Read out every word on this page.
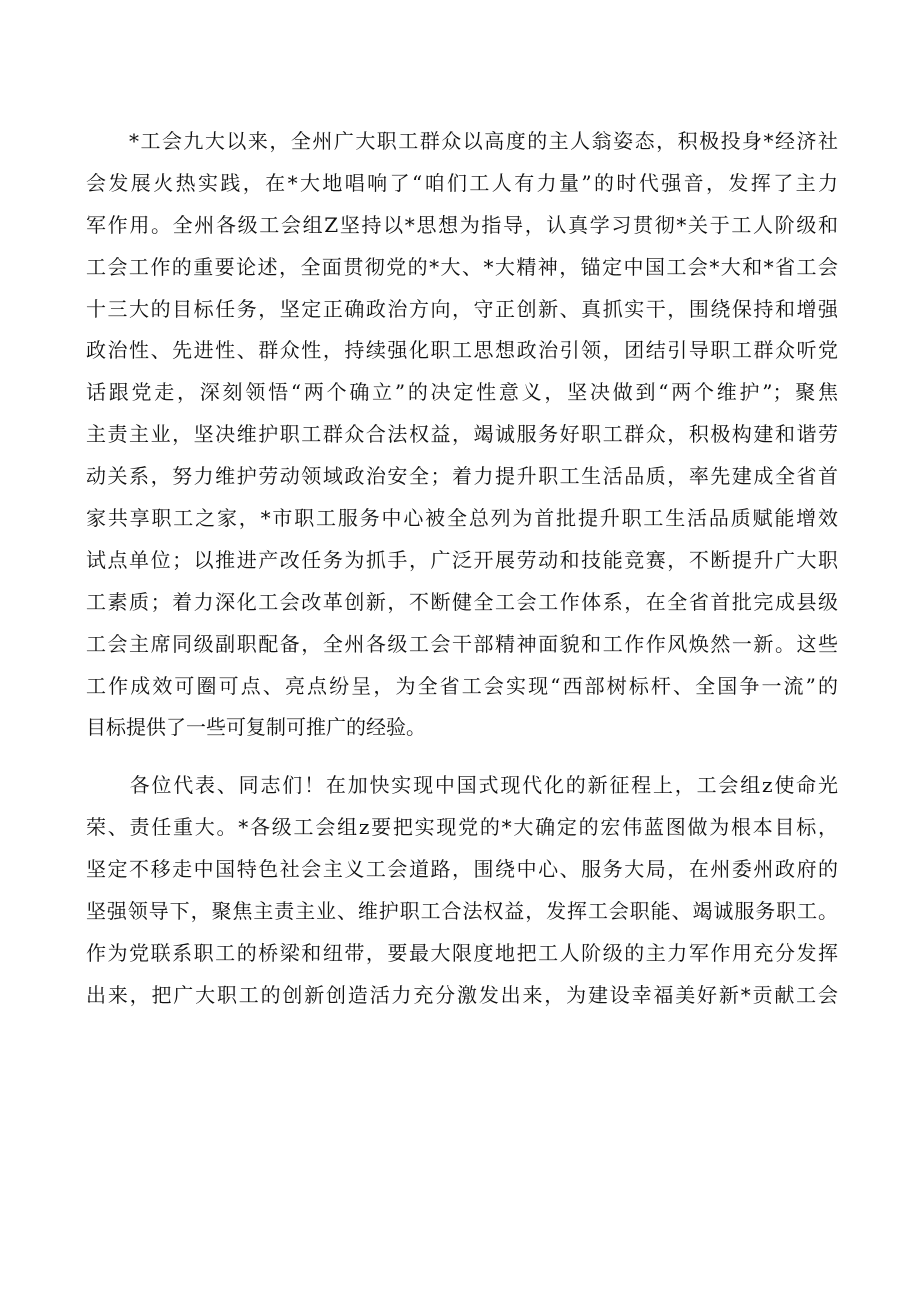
　　*工会九大以来，全州广大职工群众以高度的主人翁姿态，积极投身*经济社
会发展火热实践，在*大地唱响了“咱们工人有力量”的时代强音，发挥了主力
军作用。全州各级工会组Z坚持以*思想为指导，认真学习贯彻*关于工人阶级和
工会工作的重要论述，全面贯彻党的*大、*大精神，锚定中国工会*大和*省工会
十三大的目标任务，坚定正确政治方向，守正创新、真抓实干，围绕保持和增强
政治性、先进性、群众性，持续强化职工思想政治引领，团结引导职工群众听党
话跟党走，深刻领悟“两个确立”的决定性意义，坚决做到“两个维护”；聚焦
主责主业，坚决维护职工群众合法权益，竭诚服务好职工群众，积极构建和谐劳
动关系，努力维护劳动领域政治安全；着力提升职工生活品质，率先建成全省首
家共享职工之家，*市职工服务中心被全总列为首批提升职工生活品质赋能增效
试点单位；以推进产改任务为抓手，广泛开展劳动和技能竞赛，不断提升广大职
工素质；着力深化工会改革创新，不断健全工会工作体系，在全省首批完成县级
工会主席同级副职配备，全州各级工会干部精神面貌和工作作风焕然一新。这些
工作成效可圈可点、亮点纷呈，为全省工会实现“西部树标杆、全国争一流”的
目标提供了一些可复制可推广的经验。
　　各位代表、同志们！在加快实现中国式现代化的新征程上，工会组z使命光
荣、责任重大。*各级工会组z要把实现党的*大确定的宏伟蓝图做为根本目标，
坚定不移走中国特色社会主义工会道路，围绕中心、服务大局，在州委州政府的
坚强领导下，聚焦主责主业、维护职工合法权益，发挥工会职能、竭诚服务职工。
作为党联系职工的桥梁和纽带，要最大限度地把工人阶级的主力军作用充分发挥
出来，把广大职工的创新创造活力充分激发出来，为建设幸福美好新*贡献工会
